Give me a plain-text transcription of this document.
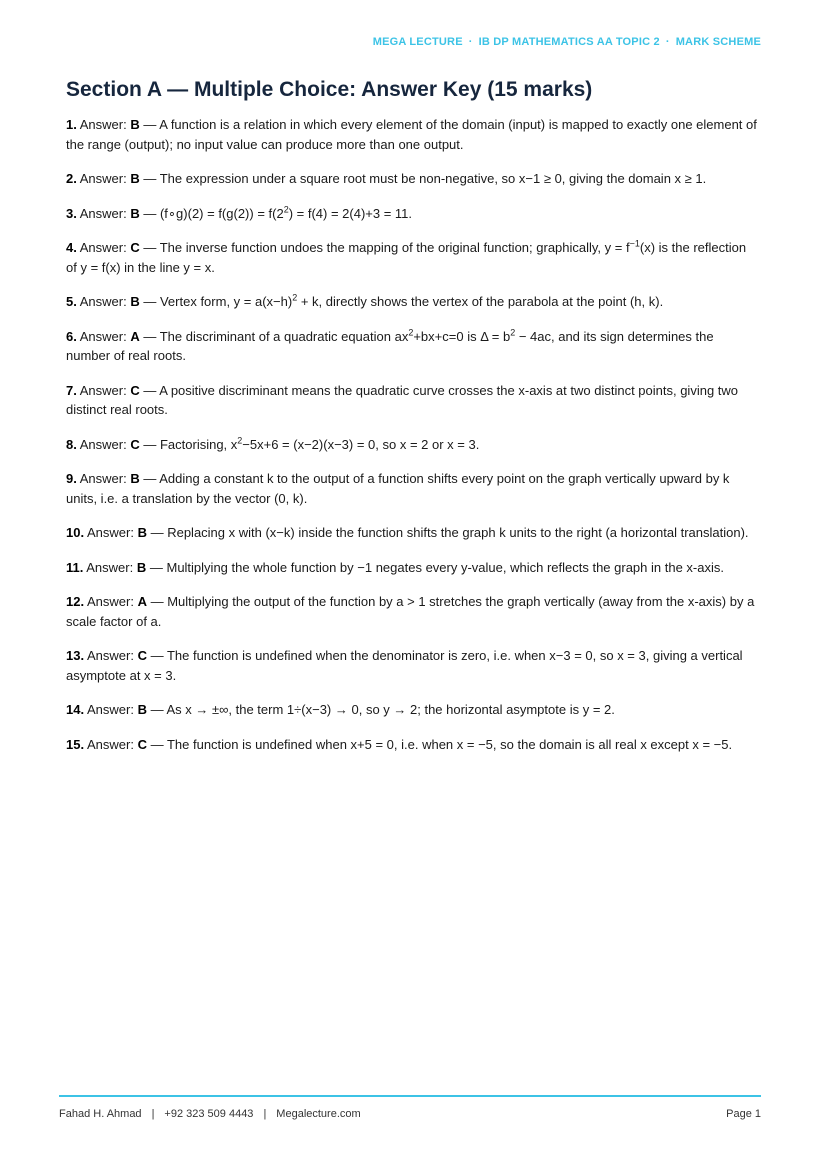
MEGA LECTURE · IB DP MATHEMATICS AA TOPIC 2 · MARK SCHEME
Section A — Multiple Choice: Answer Key (15 marks)

1. Answer: B — A function is a relation in which every element of the domain (input) is mapped to exactly one element of the range (output); no input value can produce more than one output.

2. Answer: B — The expression under a square root must be non-negative, so x−1 ≥ 0, giving the domain x ≥ 1.

3. Answer: B — (f∘g)(2) = $f(g(2)) = f(2^2) = f(4) = 2(4)+3 = 11$.

4. Answer: C — The inverse function undoes the mapping of the original function; graphically, $y = f^{-1}(x)$ is the reflection of y = f(x) in the line y = x.

5. Answer: B — Vertex form, $y = a(x-h)^2 + k$, directly shows the vertex of the parabola at the point (h, k).

6. Answer: A — The discriminant of a quadratic equation $ax^2+bx+c=0$ is $\Delta = b^2 - 4ac$, and its sign determines the number of real roots.

7. Answer: C — A positive discriminant means the quadratic curve crosses the x-axis at two distinct points, giving two distinct real roots.

8. Answer: C — Factorising, $x^2-5x+6 = (x-2)(x-3) = 0$, so x = 2 or x = 3.

9. Answer: B — Adding a constant k to the output of a function shifts every point on the graph vertically upward by k units, i.e. a translation by the vector (0, k).

10. Answer: B — Replacing x with (x−k) inside the function shifts the graph k units to the right (a horizontal translation).

11. Answer: B — Multiplying the whole function by −1 negates every y-value, which reflects the graph in the x-axis.

12. Answer: A — Multiplying the output of the function by a > 1 stretches the graph vertically (away from the x-axis) by a scale factor of a.

13. Answer: C — The function is undefined when the denominator is zero, i.e. when x−3 = 0, so x = 3, giving a vertical asymptote at x = 3.

14. Answer: B — As x → ±∞, the term 1÷(x−3) → 0, so y → 2; the horizontal asymptote is y = 2.

15. Answer: C — The function is undefined when x+5 = 0, i.e. when x = −5, so the domain is all real x except x = −5.

Fahad H. Ahmad | +92 323 509 4443 | Megalecture.com	Page 1
